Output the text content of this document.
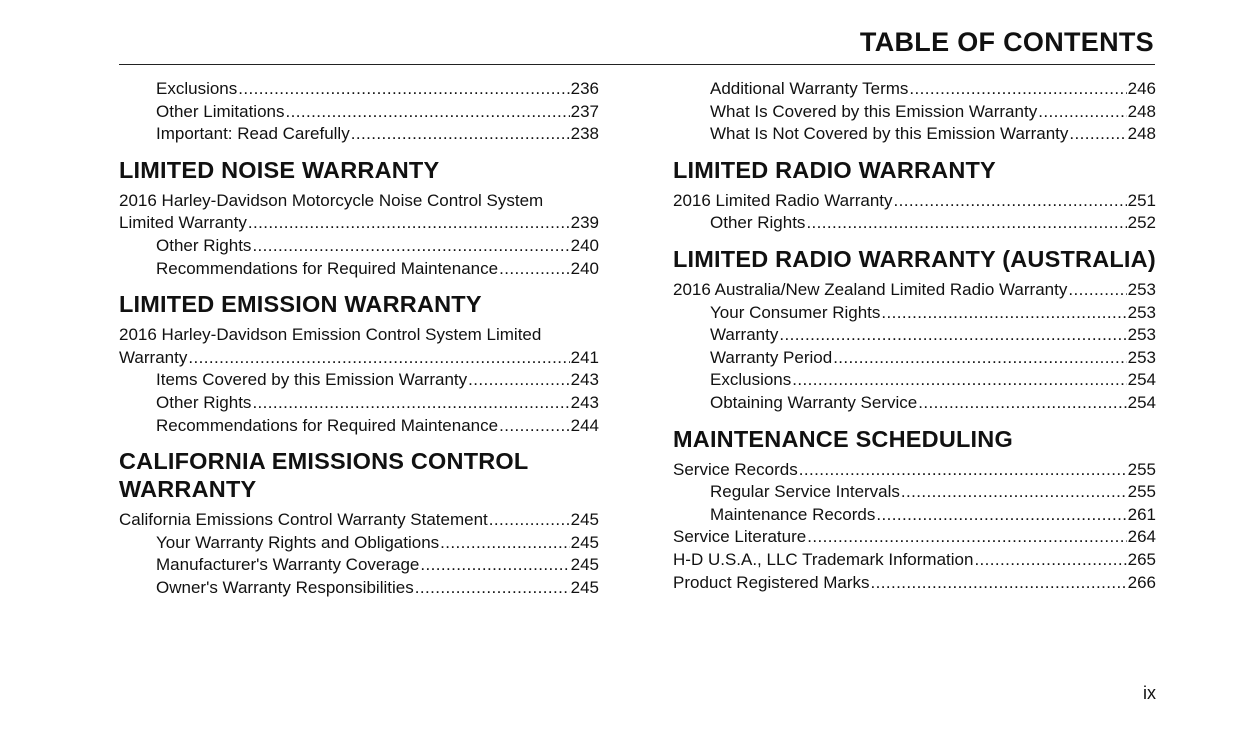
TABLE OF CONTENTS
Exclusions .....	236
Other Limitations .....	237
Important: Read Carefully .....	238
LIMITED NOISE WARRANTY
2016 Harley-Davidson Motorcycle Noise Control System
Limited Warranty .....	239
Other Rights .....	240
Recommendations for Required Maintenance .....	240
LIMITED EMISSION WARRANTY
2016 Harley-Davidson Emission Control System Limited
Warranty .....	241
Items Covered by this Emission Warranty .....	243
Other Rights .....	243
Recommendations for Required Maintenance .....	244
CALIFORNIA EMISSIONS CONTROL
WARRANTY
California Emissions Control Warranty Statement .....	245
Your Warranty Rights and Obligations .....	245
Manufacturer's Warranty Coverage .....	245
Owner's Warranty Responsibilities .....	245
Additional Warranty Terms .....	246
What Is Covered by this Emission Warranty .....	248
What Is Not Covered by this Emission Warranty .....	248
LIMITED RADIO WARRANTY
2016 Limited Radio Warranty .....	251
Other Rights .....	252
LIMITED RADIO WARRANTY (AUSTRALIA)
2016 Australia/New Zealand Limited Radio Warranty .....	253
Your Consumer Rights .....	253
Warranty .....	253
Warranty Period .....	253
Exclusions .....	254
Obtaining Warranty Service .....	254
MAINTENANCE SCHEDULING
Service Records .....	255
Regular Service Intervals .....	255
Maintenance Records .....	261
Service Literature .....	264
H-D U.S.A., LLC Trademark Information .....	265
Product Registered Marks .....	266
ix
